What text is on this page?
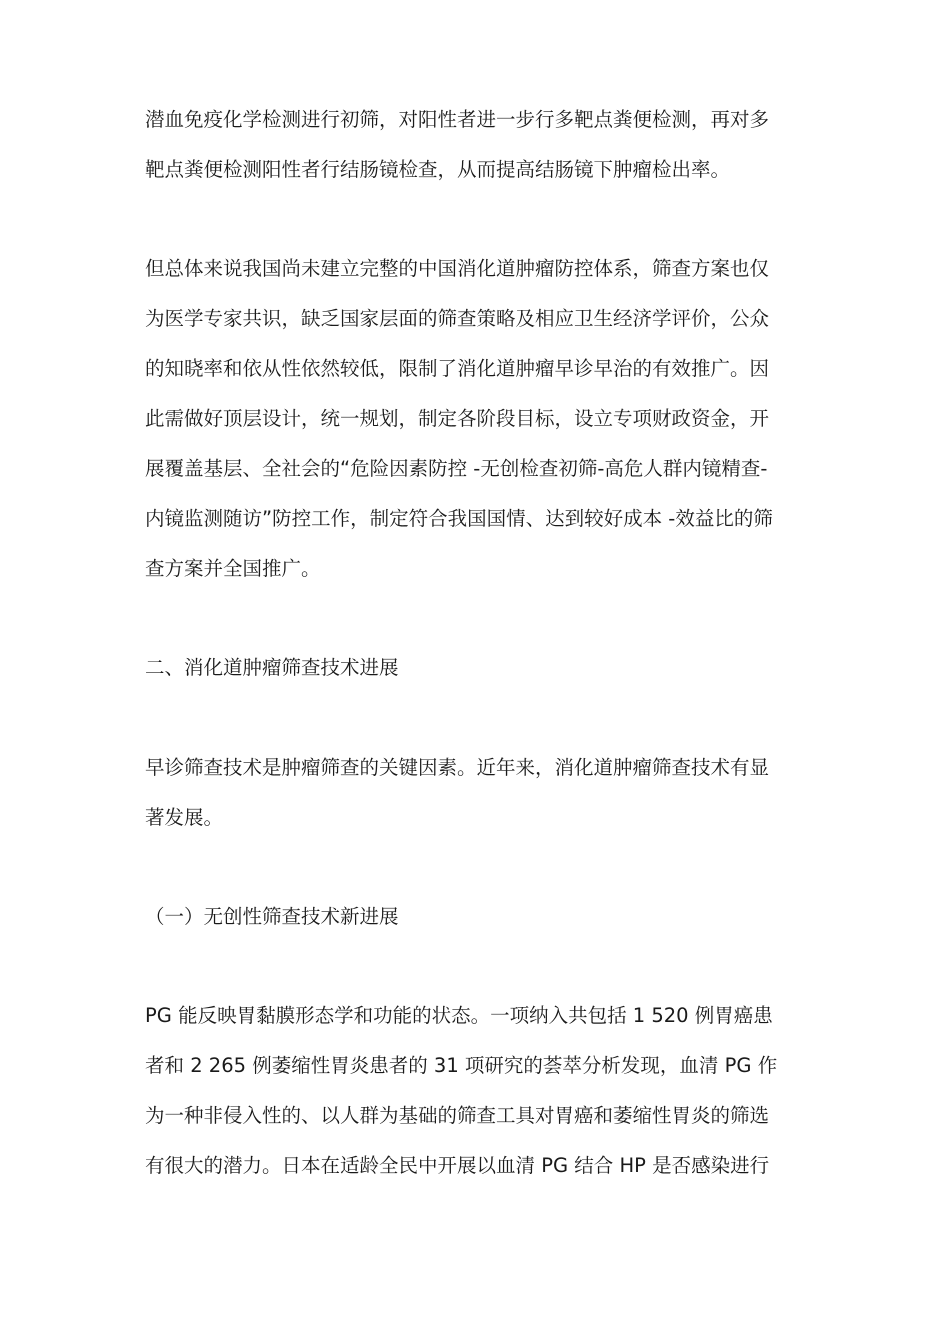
潜血免疫化学检测进行初筛，对阳性者进一步行多靶点粪便检测，再对多
靶点粪便检测阳性者行结肠镜检查，从而提高结肠镜下肿瘤检出率。
但总体来说我国尚未建立完整的中国消化道肿瘤防控体系，筛查方案也仅
为医学专家共识，缺乏国家层面的筛查策略及相应卫生经济学评价，公众
的知晓率和依从性依然较低，限制了消化道肿瘤早诊早治的有效推广。因
此需做好顶层设计，统一规划，制定各阶段目标，设立专项财政资金，开
展覆盖基层、全社会的“危险因素防控 -无创检查初筛-高危人群内镜精查-
内镜监测随访”防控工作，制定符合我国国情、达到较好成本 -效益比的筛
查方案并全国推广。
二、消化道肿瘤筛查技术进展
早诊筛查技术是肿瘤筛查的关键因素。近年来，消化道肿瘤筛查技术有显
著发展。
（一）无创性筛查技术新进展
PG 能反映胃黏膜形态学和功能的状态。一项纳入共包括 1 520 例胃癌患
者和 2 265 例萎缩性胃炎患者的 31 项研究的荟萃分析发现，血清 PG 作
为一种非侵入性的、以人群为基础的筛查工具对胃癌和萎缩性胃炎的筛选
有很大的潜力。日本在适龄全民中开展以血清 PG 结合 HP 是否感染进行
